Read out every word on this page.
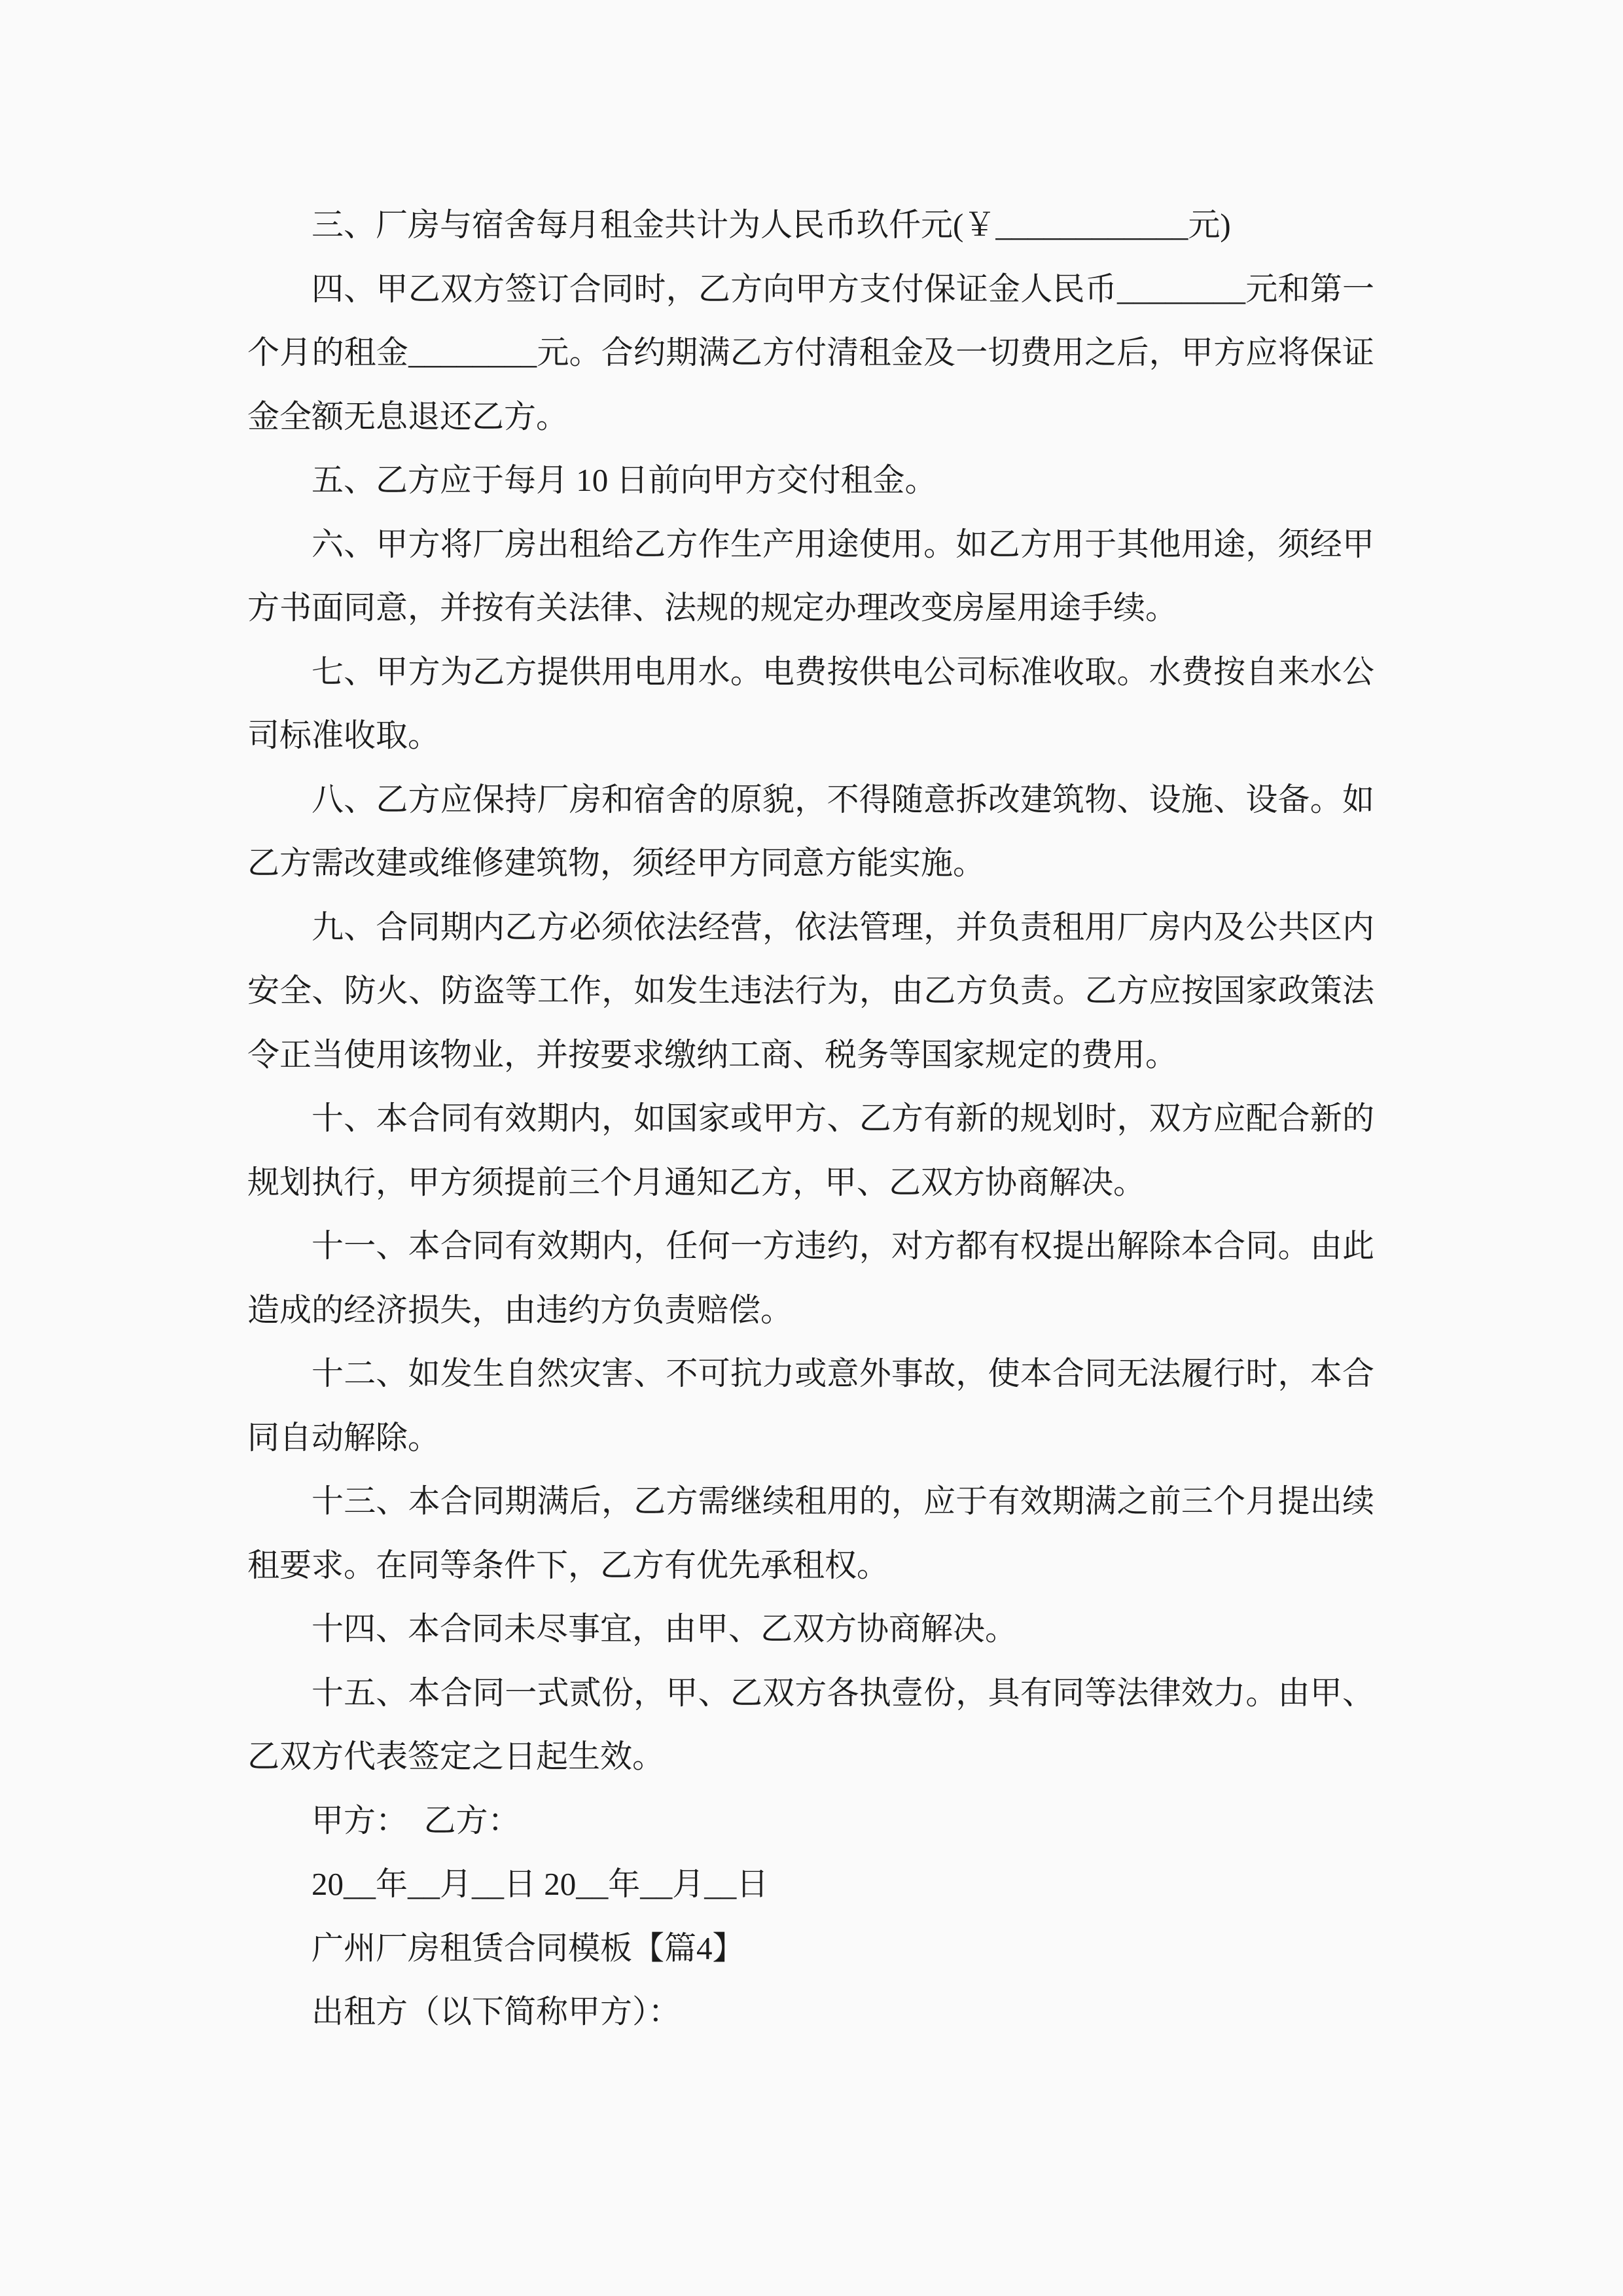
三、厂房与宿舍每月租金共计为人民币玖仟元(￥____________元)

四、甲乙双方签订合同时，乙方向甲方支付保证金人民币________元和第一个月的租金________元。合约期满乙方付清租金及一切费用之后，甲方应将保证金全额无息退还乙方。

五、乙方应于每月 10 日前向甲方交付租金。

六、甲方将厂房出租给乙方作生产用途使用。如乙方用于其他用途，须经甲方书面同意，并按有关法律、法规的规定办理改变房屋用途手续。

七、甲方为乙方提供用电用水。电费按供电公司标准收取。水费按自来水公司标准收取。

八、乙方应保持厂房和宿舍的原貌，不得随意拆改建筑物、设施、设备。如乙方需改建或维修建筑物，须经甲方同意方能实施。

九、合同期内乙方必须依法经营，依法管理，并负责租用厂房内及公共区内安全、防火、防盗等工作，如发生违法行为，由乙方负责。乙方应按国家政策法令正当使用该物业，并按要求缴纳工商、税务等国家规定的费用。

十、本合同有效期内，如国家或甲方、乙方有新的规划时，双方应配合新的规划执行，甲方须提前三个月通知乙方，甲、乙双方协商解决。

十一、本合同有效期内，任何一方违约，对方都有权提出解除本合同。由此造成的经济损失，由违约方负责赔偿。

十二、如发生自然灾害、不可抗力或意外事故，使本合同无法履行时，本合同自动解除。

十三、本合同期满后，乙方需继续租用的，应于有效期满之前三个月提出续租要求。在同等条件下，乙方有优先承租权。

十四、本合同未尽事宜，由甲、乙双方协商解决。

十五、本合同一式贰份，甲、乙双方各执壹份，具有同等法律效力。由甲、乙双方代表签定之日起生效。

甲方：　乙方：

20__年__月__日 20__年__月__日

广州厂房租赁合同模板【篇4】

出租方（以下简称甲方）：
